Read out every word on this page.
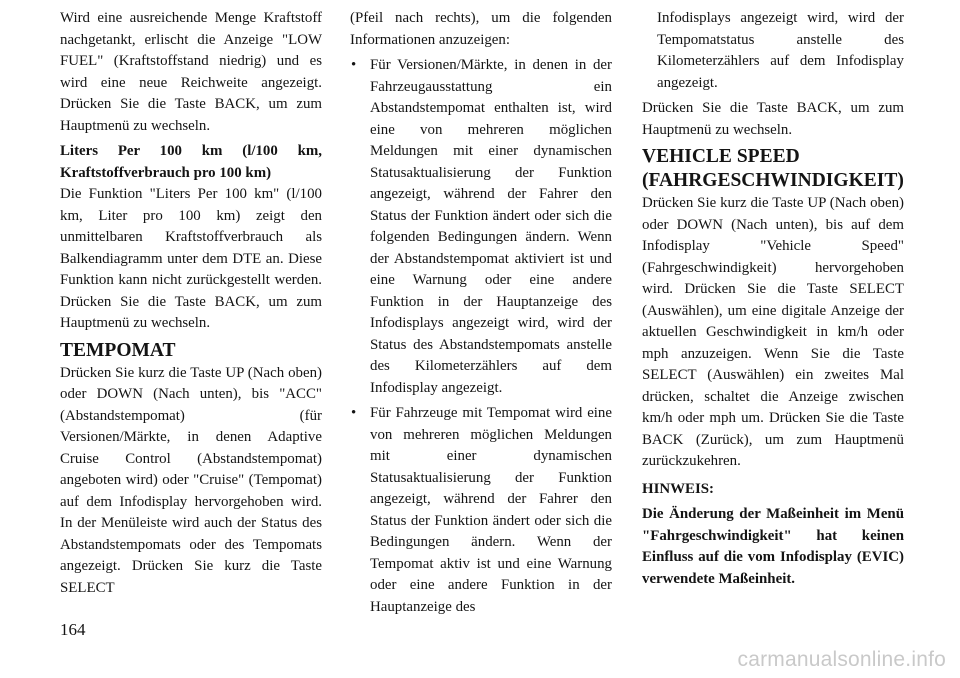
Wird eine ausreichende Menge Kraftstoff nachgetankt, erlischt die Anzeige "LOW FUEL" (Kraftstoffstand niedrig) und es wird eine neue Reichweite angezeigt. Drücken Sie die Taste BACK, um zum Hauptmenü zu wechseln.

Liters Per 100 km (l/100 km, Kraftstoffverbrauch pro 100 km)

Die Funktion "Liters Per 100 km" (l/100 km, Liter pro 100 km) zeigt den unmittelbaren Kraftstoffverbrauch als Balkendiagramm unter dem DTE an. Diese Funktion kann nicht zurückgestellt werden. Drücken Sie die Taste BACK, um zum Hauptmenü zu wechseln.

TEMPOMAT

Drücken Sie kurz die Taste UP (Nach oben) oder DOWN (Nach unten), bis "ACC" (Abstandstempomat) (für Versionen/Märkte, in denen Adaptive Cruise Control (Abstandstempomat) angeboten wird) oder "Cruise" (Tempomat) auf dem Infodisplay hervorgehoben wird. In der Menüleiste wird auch der Status des Abstandstempomats oder des Tempomats angezeigt. Drücken Sie kurz die Taste SELECT

(Pfeil nach rechts), um die folgenden Informationen anzuzeigen:

• Für Versionen/Märkte, in denen in der Fahrzeugausstattung ein Abstandstempomat enthalten ist, wird eine von mehreren möglichen Meldungen mit einer dynamischen Statusaktualisierung der Funktion angezeigt, während der Fahrer den Status der Funktion ändert oder sich die folgenden Bedingungen ändern. Wenn der Abstandstempomat aktiviert ist und eine Warnung oder eine andere Funktion in der Hauptanzeige des Infodisplays angezeigt wird, wird der Status des Abstandstempomats anstelle des Kilometerzählers auf dem Infodisplay angezeigt.
• Für Fahrzeuge mit Tempomat wird eine von mehreren möglichen Meldungen mit einer dynamischen Statusaktualisierung der Funktion angezeigt, während der Fahrer den Status der Funktion ändert oder sich die Bedingungen ändern. Wenn der Tempomat aktiv ist und eine Warnung oder eine andere Funktion in der Hauptanzeige des
Infodisplays angezeigt wird, wird der Tempomatstatus anstelle des Kilometerzählers auf dem Infodisplay angezeigt.

Drücken Sie die Taste BACK, um zum Hauptmenü zu wechseln.

VEHICLE SPEED (FAHRGESCHWINDIGKEIT)

Drücken Sie kurz die Taste UP (Nach oben) oder DOWN (Nach unten), bis auf dem Infodisplay "Vehicle Speed" (Fahrgeschwindigkeit) hervorgehoben wird. Drücken Sie die Taste SELECT (Auswählen), um eine digitale Anzeige der aktuellen Geschwindigkeit in km/h oder mph anzuzeigen. Wenn Sie die Taste SELECT (Auswählen) ein zweites Mal drücken, schaltet die Anzeige zwischen km/h oder mph um. Drücken Sie die Taste BACK (Zurück), um zum Hauptmenü zurückzukehren.

HINWEIS:

Die Änderung der Maßeinheit im Menü "Fahrgeschwindigkeit" hat keinen Einfluss auf die vom Infodisplay (EVIC) verwendete Maßeinheit.

164
carmanualsonline.info
